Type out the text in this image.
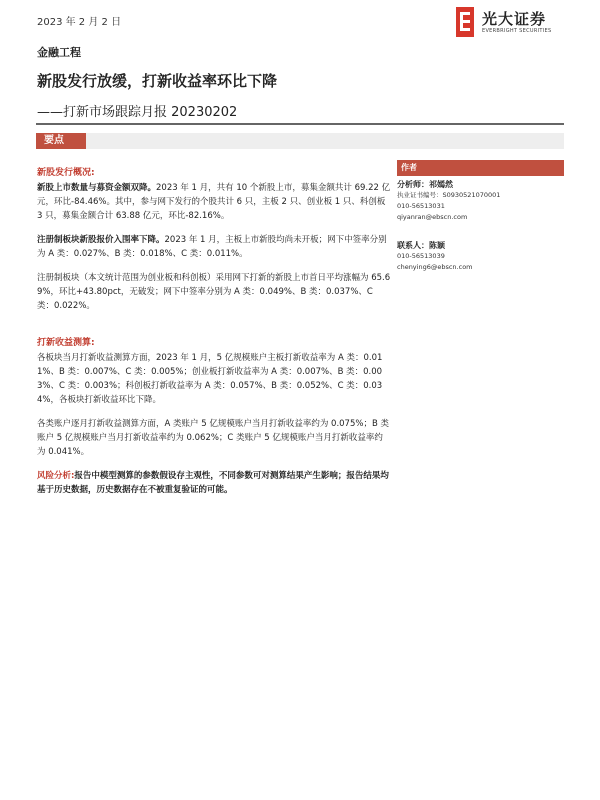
2023 年 2 月 2 日	光大证券
EVERBRIGHT SECURITIES
金融工程
新股发行放缓，打新收益率环比下降
——打新市场跟踪月报 20230202
要点
新股发行概况:

新股上市数量与募资金额双降。2023 年 1 月，共有 10 个新股上市，募集金额共计 69.22 亿元，环比-84.46%。其中，参与网下发行的个股共计 6 只，主板 2 只、创业板 1 只、科创板 3 只，募集金额合计 63.88 亿元，环比-82.16%。

注册制板块新股报价入围率下降。2023 年 1 月，主板上市新股均尚未开板；网下中签率分别为 A 类：0.027%、B 类：0.018%、C 类：0.011%。

注册制板块（本文统计范围为创业板和科创板）采用网下打新的新股上市首日平均涨幅为 65.69%，环比+43.80pct，无破发；网下中签率分别为 A 类：0.049%、B 类：0.037%、C 类：0.022%。

打新收益测算:

各板块当月打新收益测算方面，2023 年 1 月，5 亿规模账户主板打新收益率为 A 类：0.011%、B 类：0.007%、C 类：0.005%；创业板打新收益率为 A 类：0.007%、B 类：0.003%、C 类：0.003%；科创板打新收益率为 A 类：0.057%、B 类：0.052%、C 类：0.034%，各板块打新收益环比下降。

各类账户逐月打新收益测算方面，A 类账户 5 亿规模账户当月打新收益率约为 0.075%；B 类账户 5 亿规模账户当月打新收益率约为 0.062%；C 类账户 5 亿规模账户当月打新收益率约为 0.041%。

风险分析:报告中模型测算的参数假设存主观性，不同参数可对测算结果产生影响；报告结果均基于历史数据，历史数据存在不被重复验证的可能。

作者
分析师：祁嫣然
执业证书编号：S0930521070001
010-56513031
qiyanran@ebscn.com
联系人：陈颖
010-56513039
chenying6@ebscn.com
